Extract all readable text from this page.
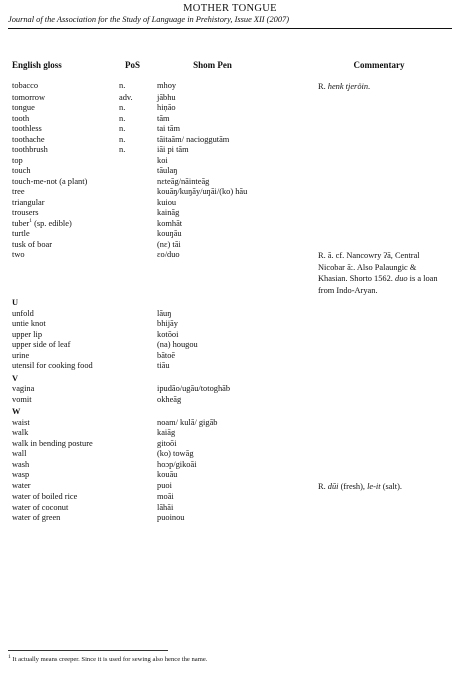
MOTHER TONGUE
Journal of the Association for the Study of Language in Prehistory, Issue XII (2007)
English gloss	PoS	Shom Pen	Commentary

tobacco	n.	mhoy	R. henk tjeröin.
tomorrow	adv.	jābhu	
tongue	n.	hiṇāo	
tooth	n.	tām	
toothless	n.	tai tām	
toothache	n.	tāitaām/ nacioggutām	
toothbrush	n.	iāi pi tām	
top		koi	
touch		tāulaŋ	
touch-me-not (a plant)		nɛteāg/nāinteāg	
tree		kouāŋ/kuŋāy/uŋāi/(ko) hāu	
triangular		kuiou	
trousers		kaināg	
tuber$^1$ (sp. edible)		komhāt	
turtle		kouŋāu	
tusk of boar		(nɛ) tāi	
two		ɛo/duo	R. ā. cf. Nancowry ʔā, Central Nicobar ā:. Also Palaungic & Khasian. Shorto 1562. duo is a loan from Indo-Aryan.
U			
unfold		lāuŋ	
untie knot		bhijāy	
upper lip		kotōoi	
upper side of leaf		(na) hougou	
urine		bātoē	
utensil for cooking food		tiāu	
V			
vagina		ipudāo/ugāu/totoghāb	
vomit		okheāg	
W			
waist		noam/ kulā/ gigāb	
walk		kaiāg	
walk in bending posture		gitoōi	
wall		(ko) towāg	
wash		hoɔp/gikoāi	
wasp		kouāu	
water		puoi	R. dūi (fresh), le-it (salt).
water of boiled rice		moāi	
water of coconut		lāhāi	
water of green		puoinou	
$^1$ It actually means creeper. Since it is used for sewing also hence the name.
